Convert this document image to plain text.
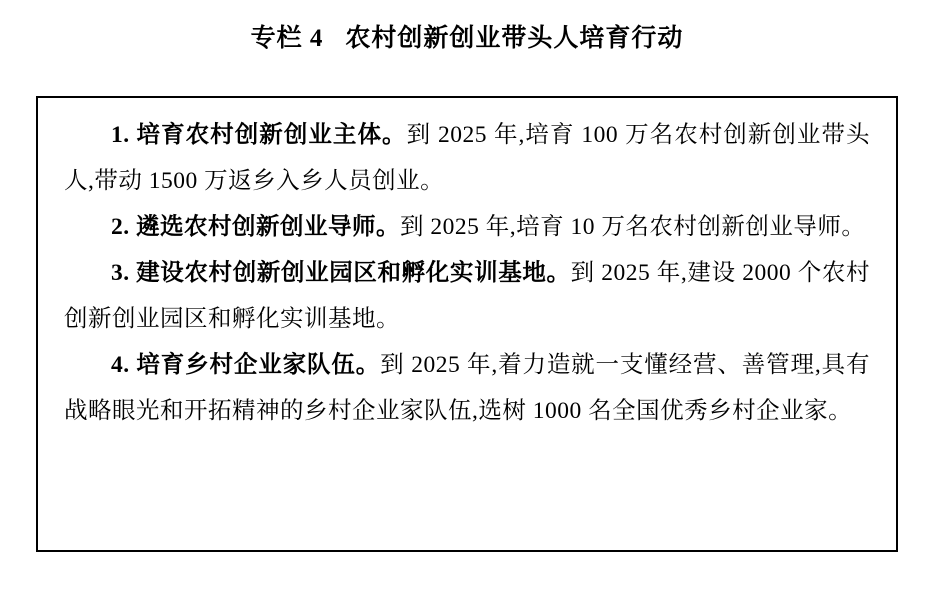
专栏 4 农村创新创业带头人培育行动

1. 培育农村创新创业主体。到 2025 年,培育 100 万名农村创新创业带头人,带动 1500 万返乡入乡人员创业。

2. 遴选农村创新创业导师。到 2025 年,培育 10 万名农村创新创业导师。

3. 建设农村创新创业园区和孵化实训基地。到 2025 年,建设 2000 个农村创新创业园区和孵化实训基地。

4. 培育乡村企业家队伍。到 2025 年,着力造就一支懂经营、善管理,具有战略眼光和开拓精神的乡村企业家队伍,选树 1000 名全国优秀乡村企业家。
